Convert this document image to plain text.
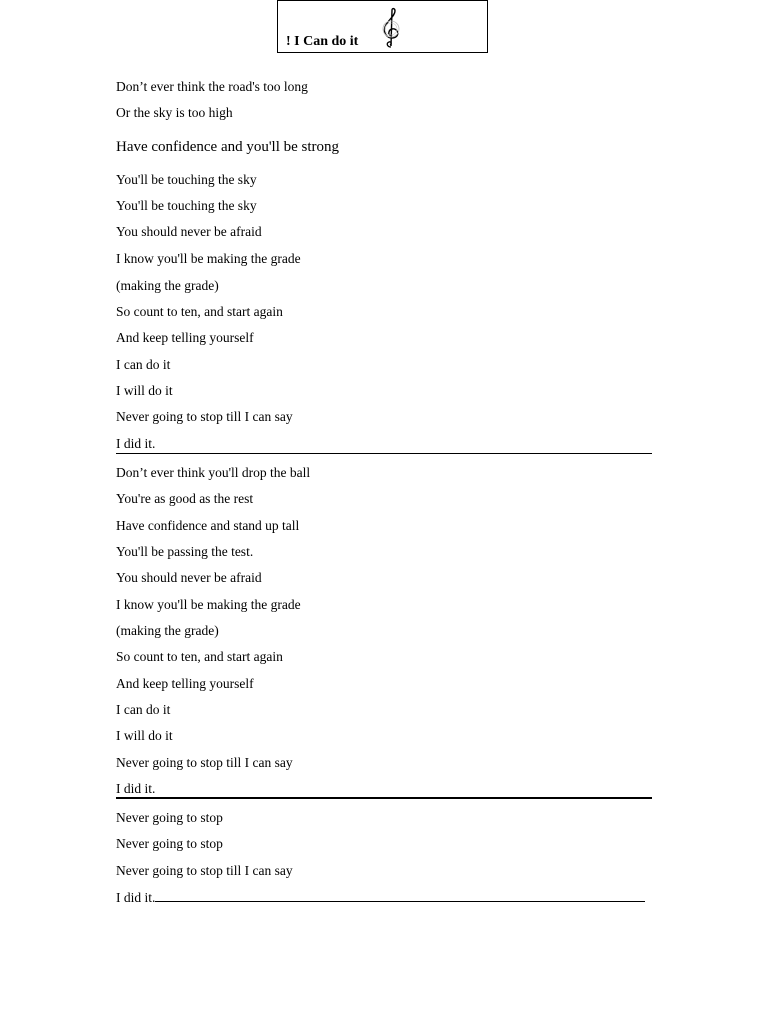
! I Can do it
Don’t ever think the road's too long
Or the sky is too high
Have confidence and you'll be strong
You'll be touching the sky
You'll be touching the sky
You should never be afraid
I know you'll be making the grade
(making the grade)
So count to ten, and start again
And keep telling yourself
I can do it
I will do it
Never going to stop till I can say
I did it.
Don’t ever think you'll drop the ball
You're as good as the rest
Have confidence and stand up tall
You'll be passing the test.
You should never be afraid
I know you'll be making the grade
(making the grade)
So count to ten, and start again
And keep telling yourself
I can do it
I will do it
Never going to stop till I can say
I did it.
Never going to stop
Never going to stop
Never going to stop till I can say
I did it.
